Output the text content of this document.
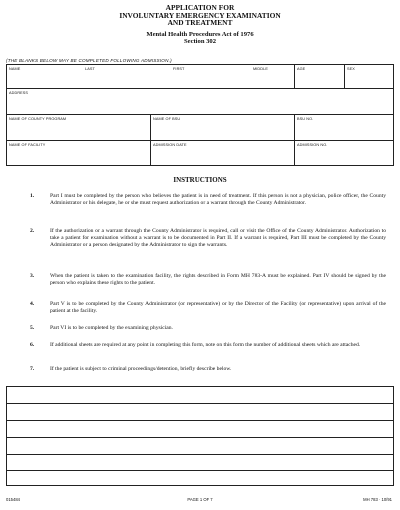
APPLICATION FOR
INVOLUNTARY EMERGENCY EXAMINATION
AND TREATMENT
Mental Health Procedures Act of 1976
Section 302
(THE BLANKS BELOW MAY BE COMPLETED FOLLOWING ADMISSION.)
NAME	LAST	FIRST	MIDDLE	AGE	SEX
ADDRESS
NAME OF COUNTY PROGRAM	NAME OF BSU	BSU NO.
NAME OF FACILITY	ADMISSION DATE	ADMISSION NO.
INSTRUCTIONS
1.	Part I must be completed by the person who believes the patient is in need of treatment. If this person is not a physician, police officer, the County Administrator or his delegate, he or she must request authorization or a warrant through the County Administrator.
2.	If the authorization or a warrant through the County Administrator is required, call or visit the Office of the County Administrator. Authorization to take a patient for examination without a warrant is to be documented in Part II. If a warrant is required, Part III must be completed by the County Administrator or a person designated by the Administrator to sign the warrants.
3.	When the patient is taken to the examination facility, the rights described in Form MH 783-A must be explained. Part IV should be signed by the person who explains these rights to the patient.
4.	Part V is to be completed by the County Administrator (or representative) or by the Director of the Facility (or representative) upon arrival of the patient at the facility.
5.	Part VI is to be completed by the examining physician.
6.	If additional sheets are required at any point in completing this form, note on this form the number of additional sheets which are attached.
7.	If the patient is subject to criminal proceedings/detention, briefly describe below.
015484	PAGE 1 OF 7	MH 783 · 10/91
